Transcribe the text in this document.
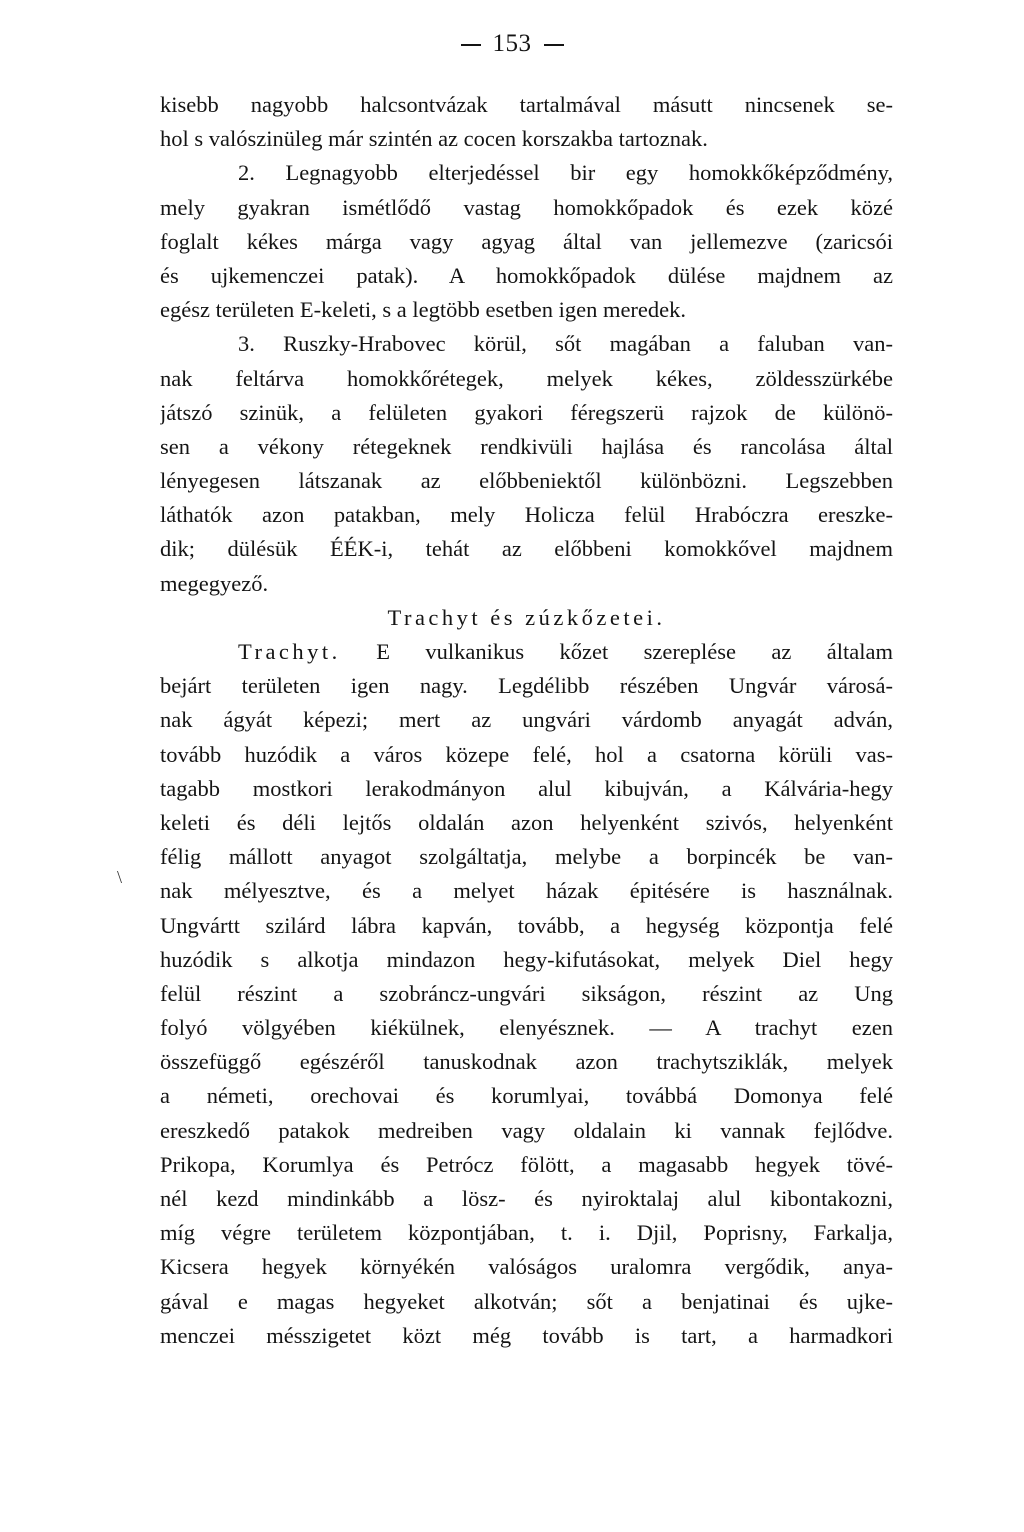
153
\
kisebb nagyobb halcsontvázak tartalmával másutt nincsenek se-
hol s valószinüleg már szintén az cocen korszakba tartoznak.
2. Legnagyobb elterjedéssel bir egy homokkőképződmény,
mely gyakran ismétlődő vastag homokkőpadok és ezek közé
foglalt kékes márga vagy agyag által van jellemezve (zaricsói
és ujkemenczei patak). A homokkőpadok dülése majdnem az
egész területen E-keleti, s a legtöbb esetben igen meredek.
3. Ruszky-Hrabovec körül, sőt magában a faluban van-
nak feltárva homokkőrétegek, melyek kékes, zöldesszürkébe
játszó szinük, a felületen gyakori féregszerü rajzok de különö-
sen a vékony rétegeknek rendkivüli hajlása és rancolása által
lényegesen látszanak az előbbeniektől különbözni. Legszebben
láthatók azon patakban, mely Holicza felül Hrabóczra ereszke-
dik; dülésük ÉÉK-i, tehát az előbbeni komokkővel majdnem
megegyező.
Trachyt és zúzkőzetei.
Trachyt. E vulkanikus kőzet szereplése az általam
bejárt területen igen nagy. Legdélibb részében Ungvár városá-
nak ágyát képezi; mert az ungvári várdomb anyagát adván,
tovább huzódik a város közepe felé, hol a csatorna körüli vas-
tagabb mostkori lerakodmányon alul kibujván, a Kálvária-hegy
keleti és déli lejtős oldalán azon helyenként szivós, helyenként
félig mállott anyagot szolgáltatja, melybe a borpincék be van-
nak mélyesztve, és a melyet házak épitésére is használnak.
Ungvártt szilárd lábra kapván, tovább, a hegység központja felé
huzódik s alkotja mindazon hegy-kifutásokat, melyek Diel hegy
felül részint a szobráncz-ungvári sikságon, részint az Ung
folyó völgyében kiékülnek, elenyésznek. — A trachyt ezen
összefüggő egészéről tanuskodnak azon trachytsziklák, melyek
a németi, orechovai és korumlyai, továbbá Domonya felé
ereszkedő patakok medreiben vagy oldalain ki vannak fejlődve.
Prikopa, Korumlya és Petrócz fölött, a magasabb hegyek tövé-
nél kezd mindinkább a lösz- és nyiroktalaj alul kibontakozni,
míg végre területem központjában, t. i. Djil, Poprisny, Farkalja,
Kicsera hegyek környékén valóságos uralomra vergődik, anya-
gával e magas hegyeket alkotván; sőt a benjatinai és ujke-
menczei mésszigetet közt még tovább is tart, a harmadkori
